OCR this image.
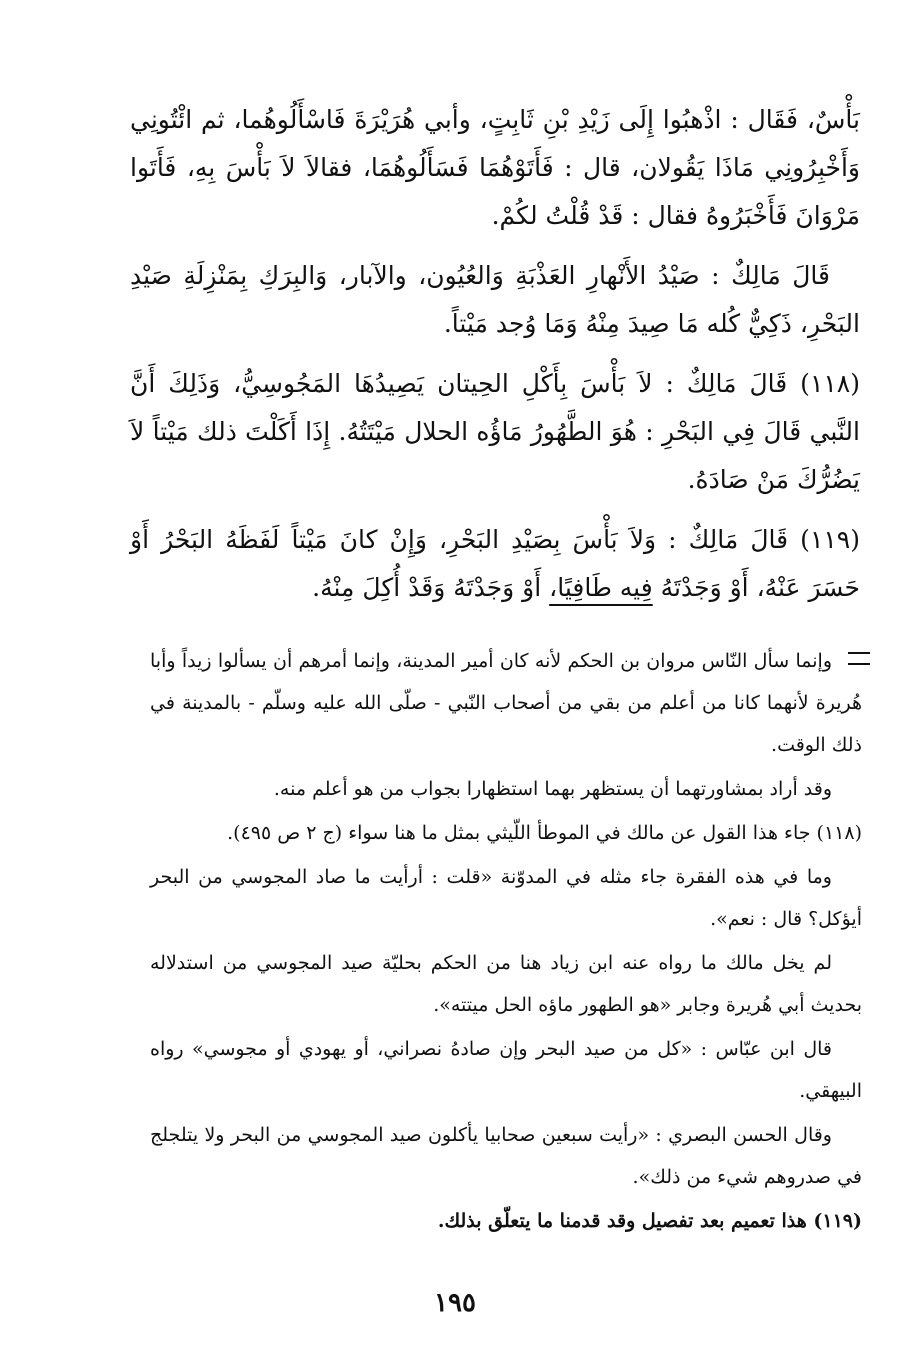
بَأْسٌ، فَقَال : اذْهبُوا إِلَى زَيْدِ بْنِ ثَابِتٍ، وأبي هُرَيْرَةَ فَاسْأَلُوهُما، ثم ائْتُونِي وَأَخْبِرُونِي مَاذَا يَقُولان، قال : فَأَتَوْهُمَا فَسَأَلُوهُمَا، فقالاَ لاَ بَأْسَ بِهِ، فَأَتَوا مَرْوَانَ فَأَخْبَرُوهُ فقال : قَدْ قُلْتُ لكُمْ.

قَالَ مَالِكٌ : صَيْدُ الأَنْهارِ العَذْبَةِ وَالعُيُون، والآبار، وَالبِرَكِ بِمَنْزِلَةِ صَيْدِ البَحْرِ، ذَكِيٌّ كُله مَا صِيدَ مِنْهُ وَمَا وُجد مَيْتاً.

(١١٨) قَالَ مَالِكٌ : لاَ بَأْسَ بِأَكْلِ الحِيتان يَصِيدُهَا المَجُوسِيُّ، وَذَلِكَ أَنَّ النَّبي قَالَ فِي البَحْرِ : هُوَ الطَّهُورُ مَاؤُه الحلال مَيْتَتُهُ. إِذَا أَكَلْتَ ذلك مَيْتاً لاَ يَضُرُّكَ مَنْ صَادَهُ.

(١١٩) قَالَ مَالِكٌ : وَلاَ بَأْسَ بِصَيْدِ البَحْرِ، وَإِنْ كانَ مَيْتاً لَفَظَهُ البَحْرُ أَوْ حَسَرَ عَنْهُ، أَوْ وَجَدْتَهُ فِيه طَافِيًا، أَوْ وَجَدْتَهُ وَقَدْ أُكِلَ مِنْهُ.

وإنما سأل النّاس مروان بن الحكم لأنه كان أمير المدينة، وإنما أمرهم أن يسألوا زيداً وأبا هُريرة لأنهما كانا من أعلم من بقي من أصحاب النّبي - صلّى الله عليه وسلّم - بالمدينة في ذلك الوقت.

وقد أراد بمشاورتهما أن يستظهر بهما استظهارا بجواب من هو أعلم منه.

(١١٨) جاء هذا القول عن مالك في الموطأ اللّيثي بمثل ما هنا سواء (ج ٢ ص ٤٩٥).

وما في هذه الفقرة جاء مثله في المدوّنة «قلت : أرأيت ما صاد المجوسي من البحر أيؤكل؟ قال : نعم».

لم يخل مالك ما رواه عنه ابن زياد هنا من الحكم بحليّة صيد المجوسي من استدلاله بحديث أبي هُريرة وجابر «هو الطهور ماؤه الحل ميتته».

قال ابن عبّاس : «كل من صيد البحر وإن صادهُ نصراني، أو يهودي أو مجوسي» رواه البيهقي.

وقال الحسن البصري : «رأيت سبعين صحابيا يأكلون صيد المجوسي من البحر ولا يتلجلج في صدروهم شيء من ذلك».

(١١٩) هذا تعميم بعد تفصيل وقد قدمنا ما يتعلّق بذلك.

١٩٥
